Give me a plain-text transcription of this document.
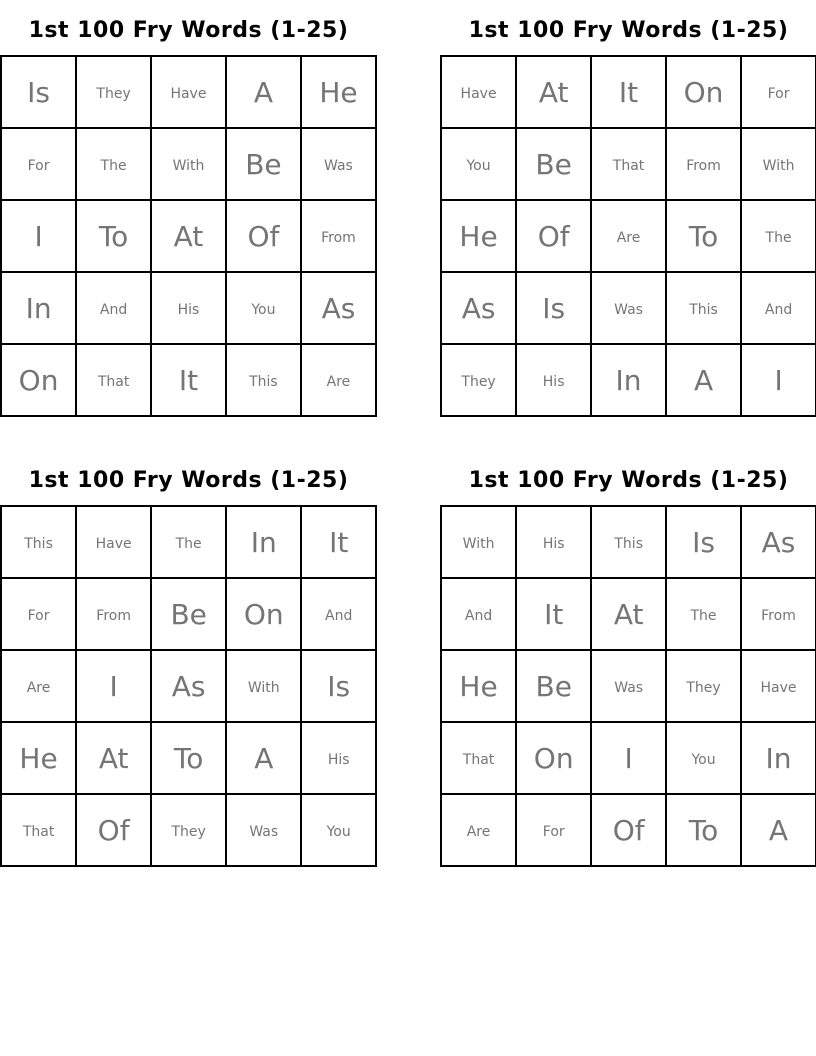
1st 100 Fry Words (1-25)
Is	They	Have	A	He
For	The	With	Be	Was
I	To	At	Of	From
In	And	His	You	As
On	That	It	This	Are
1st 100 Fry Words (1-25)
Have	At	It	On	For
You	Be	That	From	With
He	Of	Are	To	The
As	Is	Was	This	And
They	His	In	A	I
1st 100 Fry Words (1-25)
This	Have	The	In	It
For	From	Be	On	And
Are	I	As	With	Is
He	At	To	A	His
That	Of	They	Was	You
1st 100 Fry Words (1-25)
With	His	This	Is	As
And	It	At	The	From
He	Be	Was	They	Have
That	On	I	You	In
Are	For	Of	To	A
